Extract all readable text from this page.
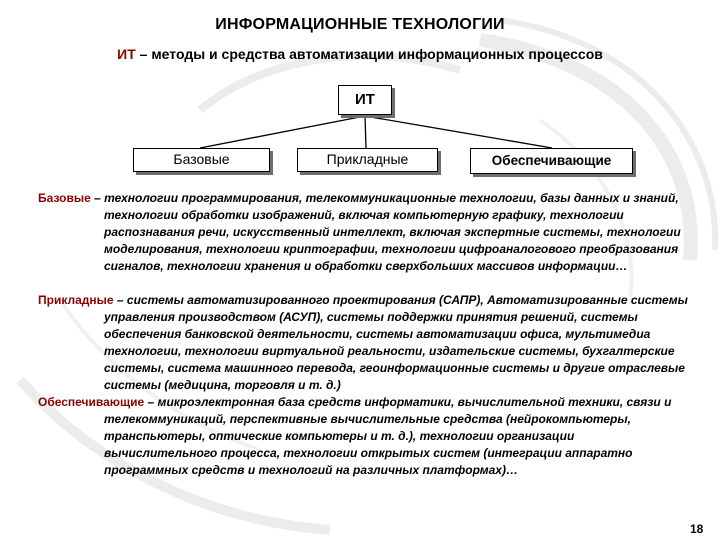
ИНФОРМАЦИОННЫЕ ТЕХНОЛОГИИ
ИТ – методы и средства автоматизации информационных процессов
ИТ
Базовые	Прикладные	Обеспечивающие

Базовые – технологии программирования, телекоммуникационные технологии, базы данных и знаний, технологии обработки изображений, включая компьютерную графику, технологии распознавания речи, искусственный интеллект, включая экспертные системы, технологии моделирования, технологии криптографии, технологии цифроаналогового преобразования сигналов, технологии хранения и обработки сверхбольших массивов информации…

Прикладные – системы автоматизированного проектирования (САПР), Автоматизированные системы управления производством (АСУП), системы поддержки принятия решений, системы обеспечения банковской деятельности, системы автоматизации офиса, мультимедиа технологии, технологии виртуальной реальности, издательские системы, бухгалтерские системы, система машинного перевода, геоинформационные системы и другие отраслевые системы (медицина, торговля и т. д.)

Обеспечивающие – микроэлектронная база средств информатики, вычислительной техники, связи и телекоммуникаций, перспективные вычислительные средства (нейрокомпьютеры, транспьютеры, оптические компьютеры и т. д.), технологии организации вычислительного процесса, технологии открытых систем (интеграции аппаратно программных средств и технологий на различных платформах)…

18
